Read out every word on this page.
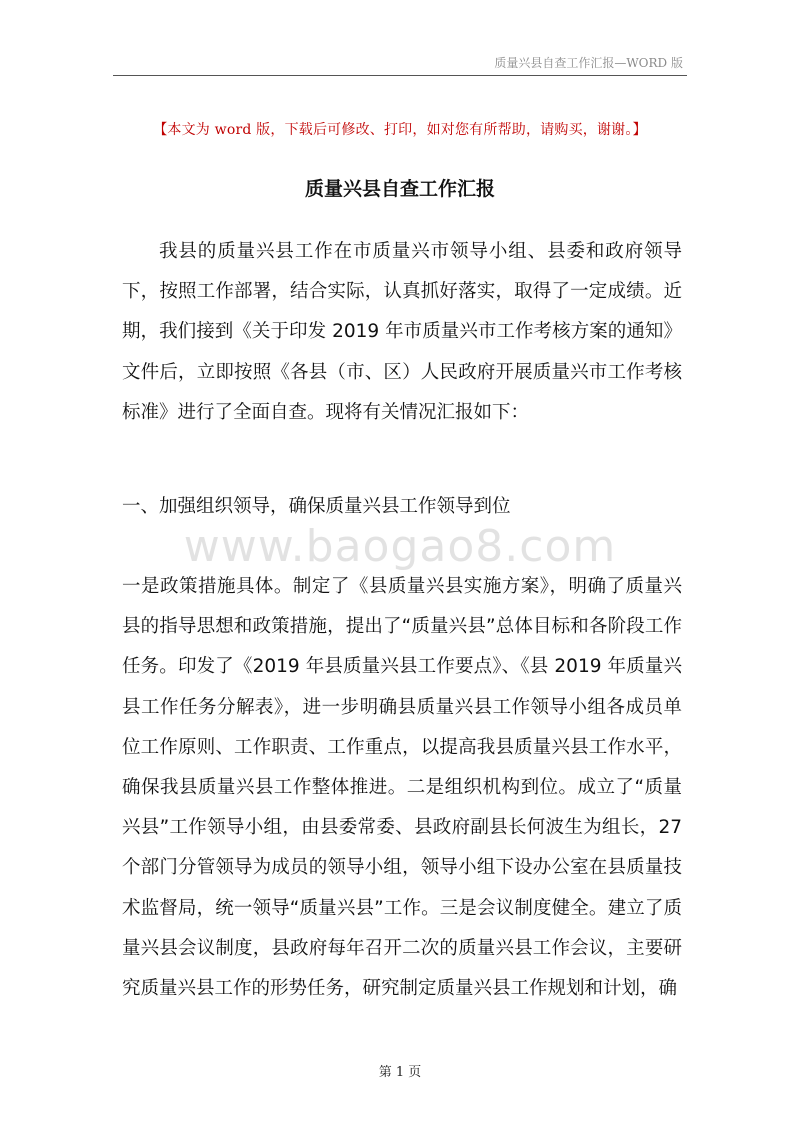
质量兴县自查工作汇报—WORD 版
【本文为 word 版，下载后可修改、打印，如对您有所帮助，请购买，谢谢。】
质量兴县自查工作汇报
我县的质量兴县工作在市质量兴市领导小组、县委和政府领导下，按照工作部署，结合实际，认真抓好落实，取得了一定成绩。近期，我们接到《关于印发 2019 年市质量兴市工作考核方案的通知》文件后，立即按照《各县（市、区）人民政府开展质量兴市工作考核标准》进行了全面自查。现将有关情况汇报如下：
一、加强组织领导，确保质量兴县工作领导到位
www.baogao8.com
一是政策措施具体。制定了《县质量兴县实施方案》，明确了质量兴县的指导思想和政策措施，提出了“质量兴县”总体目标和各阶段工作任务。印发了《2019 年县质量兴县工作要点》、《县 2019 年质量兴县工作任务分解表》，进一步明确县质量兴县工作领导小组各成员单位工作原则、工作职责、工作重点，以提高我县质量兴县工作水平，确保我县质量兴县工作整体推进。二是组织机构到位。成立了“质量兴县”工作领导小组，由县委常委、县政府副县长何波生为组长，27 个部门分管领导为成员的领导小组，领导小组下设办公室在县质量技术监督局，统一领导“质量兴县”工作。三是会议制度健全。建立了质量兴县会议制度，县政府每年召开二次的质量兴县工作会议，主要研究质量兴县工作的形势任务，研究制定质量兴县工作规划和计划，确
第 1 页
